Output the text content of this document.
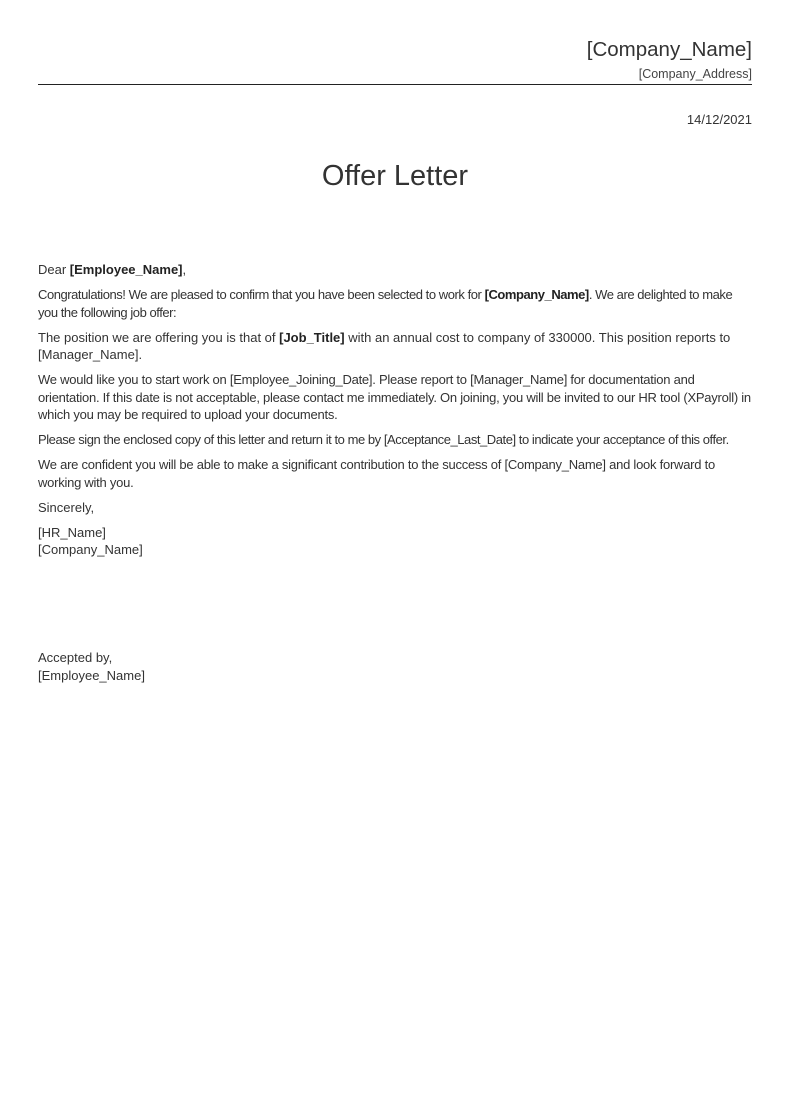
[Company_Name]
[Company_Address]
14/12/2021
Offer Letter

Dear [Employee_Name],

Congratulations! We are pleased to confirm that you have been selected to work for [Company_Name]. We are delighted to make you the following job offer:

The position we are offering you is that of [Job_Title] with an annual cost to company of 330000. This position reports to [Manager_Name].

We would like you to start work on [Employee_Joining_Date]. Please report to [Manager_Name] for documentation and orientation. If this date is not acceptable, please contact me immediately. On joining, you will be invited to our HR tool (XPayroll) in which you may be required to upload your documents.

Please sign the enclosed copy of this letter and return it to me by [Acceptance_Last_Date] to indicate your acceptance of this offer.

We are confident you will be able to make a significant contribution to the success of [Company_Name] and look forward to working with you.

Sincerely,

[HR_Name]

[Company_Name]

Accepted by,

[Employee_Name]
